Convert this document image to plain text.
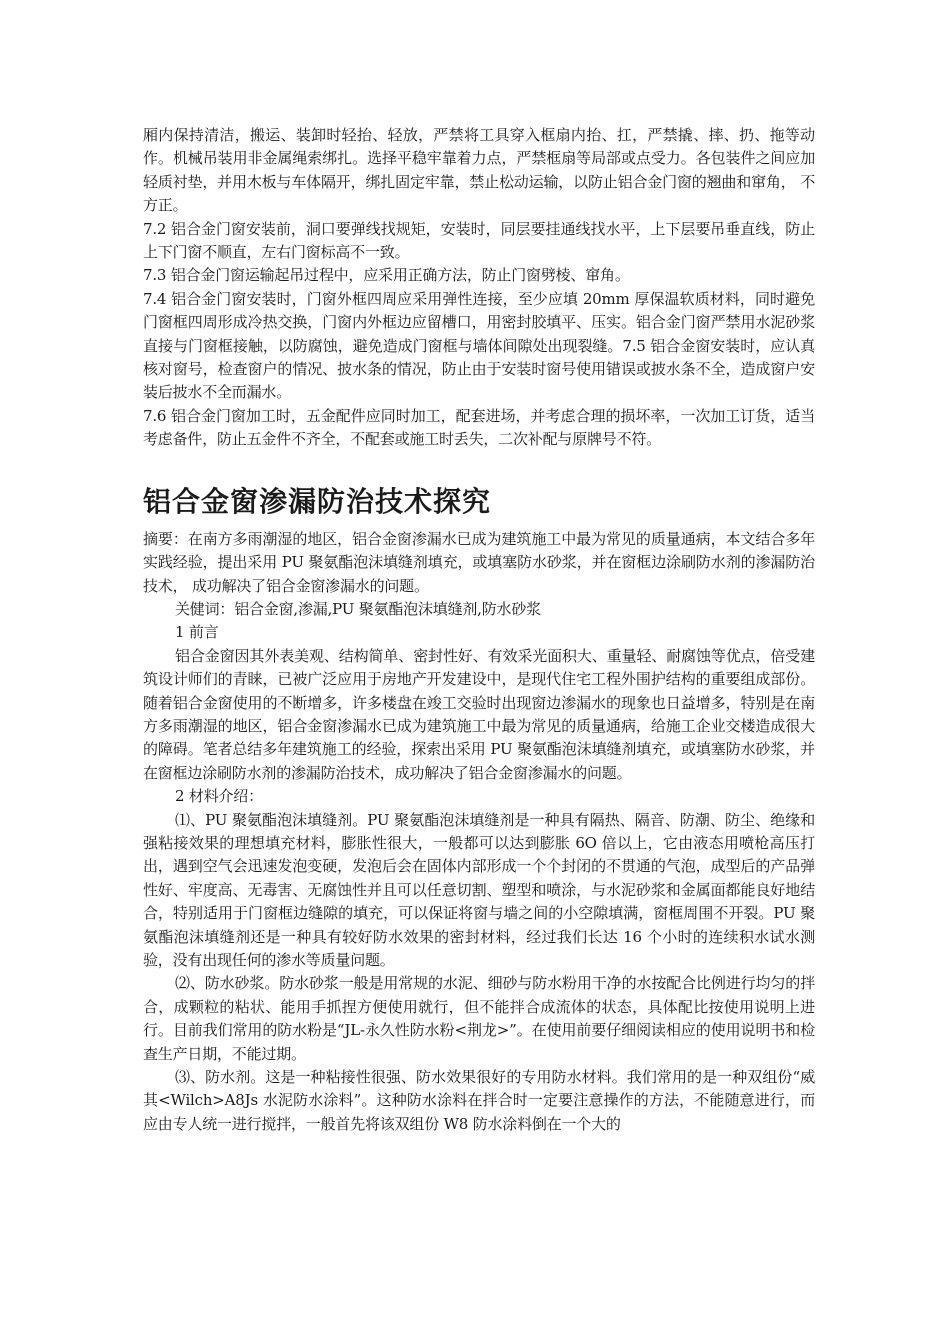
厢内保持清洁，搬运、装卸时轻抬、轻放，严禁将工具穿入框扇内抬、扛，严禁撬、摔、扔、拖等动作。机械吊装用非金属绳索绑扎。选择平稳牢靠着力点，严禁框扇等局部或点受力。各包装件之间应加轻质衬垫，并用木板与车体隔开，绑扎固定牢靠，禁止松动运输，以防止铝合金门窗的翘曲和窜角， 不方正。

7.2 铝合金门窗安装前，洞口要弹线找规矩，安装时，同层要挂通线找水平，上下层要吊垂直线，防止上下门窗不顺直，左右门窗标高不一致。

7.3 铝合金门窗运输起吊过程中，应采用正确方法，防止门窗劈棱、窜角。

7.4 铝合金门窗安装时，门窗外框四周应采用弹性连接，至少应填 20mm 厚保温软质材料，同时避免门窗框四周形成冷热交换，门窗内外框边应留槽口，用密封胶填平、压实。铝合金门窗严禁用水泥砂浆直接与门窗框接触，以防腐蚀，避免造成门窗框与墙体间隙处出现裂缝。7.5 铝合金窗安装时，应认真核对窗号，检查窗户的情况、披水条的情况，防止由于安装时窗号使用错误或披水条不全，造成窗户安装后披水不全而漏水。

7.6 铝合金门窗加工时，五金配件应同时加工，配套进场，并考虑合理的损坏率，一次加工订货，适当考虑备件，防止五金件不齐全，不配套或施工时丢失，二次补配与原牌号不符。

铝合金窗渗漏防治技术探究

摘要：在南方多雨潮湿的地区，铝合金窗渗漏水已成为建筑施工中最为常见的质量通病，本文结合多年实践经验，提出采用 PU 聚氨酯泡沫填缝剂填充，或填塞防水砂浆，并在窗框边涂刷防水剂的渗漏防治技术， 成功解决了铝合金窗渗漏水的问题。

关健词：铝合金窗,渗漏,PU 聚氨酯泡沫填缝剂,防水砂浆

1 前言

铝合金窗因其外表美观、结构简单、密封性好、有效采光面积大、重量轻、耐腐蚀等优点，倍受建筑设计师们的青睐，已被广泛应用于房地产开发建设中，是现代住宅工程外围护结构的重要组成部份。随着铝合金窗使用的不断增多，许多楼盘在竣工交验时出现窗边渗漏水的现象也日益增多，特别是在南方多雨潮湿的地区，铝合金窗渗漏水已成为建筑施工中最为常见的质量通病，给施工企业交楼造成很大的障碍。笔者总结多年建筑施工的经验，探索出采用 PU 聚氨酯泡沫填缝剂填充，或填塞防水砂浆，并在窗框边涂刷防水剂的渗漏防治技术，成功解决了铝合金窗渗漏水的问题。

2 材料介绍：

⑴、PU 聚氨酯泡沫填缝剂。PU 聚氨酯泡沫填缝剂是一种具有隔热、隔音、防潮、防尘、绝缘和强粘接效果的理想填充材料，膨胀性很大，一般都可以达到膨胀 6O 倍以上，它由液态用喷枪高压打出，遇到空气会迅速发泡变硬，发泡后会在固体内部形成一个个封闭的不贯通的气泡，成型后的产品弹性好、牢度高、无毒害、无腐蚀性并且可以任意切割、塑型和喷涂，与水泥砂浆和金属面都能良好地结合，特别适用于门窗框边缝隙的填充，可以保证将窗与墙之间的小空隙填满，窗框周围不开裂。PU 聚氨酯泡沫填缝剂还是一种具有较好防水效果的密封材料，经过我们长达 16 个小时的连续积水试水测验，没有出现任何的渗水等质量问题。

⑵、防水砂浆。防水砂浆一般是用常规的水泥、细砂与防水粉用干净的水按配合比例进行均匀的拌合，成颗粒的粘状、能用手抓捏方便使用就行，但不能拌合成流体的状态，具体配比按使用说明上进行。目前我们常用的防水粉是“JL-永久性防水粉<荆龙>”。在使用前要仔细阅读相应的使用说明书和检查生产日期，不能过期。

⑶、防水剂。这是一种粘接性很强、防水效果很好的专用防水材料。我们常用的是一种双组份“威其<Wilch>A8Js 水泥防水涂料”。这种防水涂料在拌合时一定要注意操作的方法，不能随意进行，而应由专人统一进行搅拌，一般首先将该双组份 W8 防水涂料倒在一个大的
